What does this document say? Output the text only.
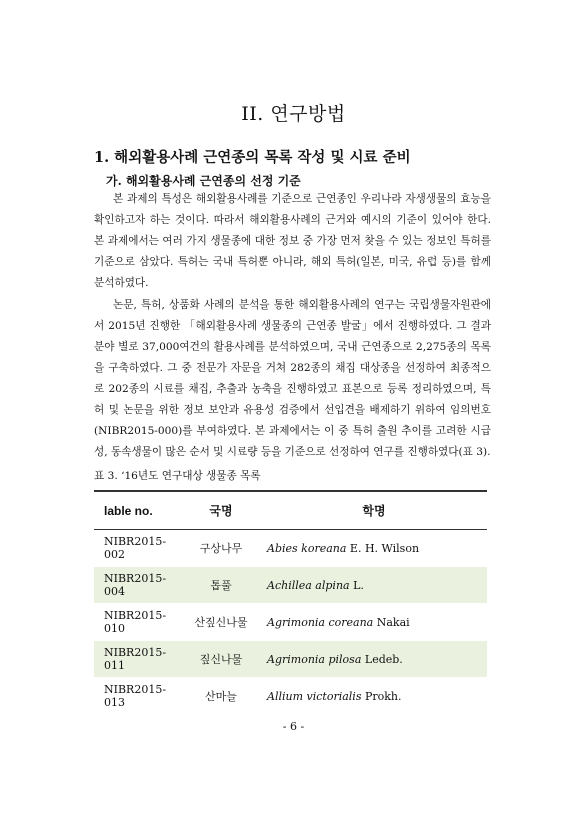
II. 연구방법
1. 해외활용사례 근연종의 목록 작성 및 시료 준비
가. 해외활용사례 근연종의 선정 기준

본 과제의 특성은 해외활용사례를 기준으로 근연종인 우리나라 자생생물의 효능을 확인하고자 하는 것이다. 따라서 해외활용사례의 근거와 예시의 기준이 있어야 한다. 본 과제에서는 여러 가지 생물종에 대한 정보 중 가장 먼저 찾을 수 있는 정보인 특허를 기준으로 삼았다. 특허는 국내 특허뿐 아니라, 해외 특허(일본, 미국, 유럽 등)를 함께 분석하였다.

논문, 특허, 상품화 사례의 분석을 통한 해외활용사례의 연구는 국립생물자원관에서 2015년 진행한 「해외활용사례 생물종의 근연종 발굴」에서 진행하였다. 그 결과 분야 별로 37,000여건의 활용사례를 분석하였으며, 국내 근연종으로 2,275종의 목록을 구축하였다. 그 중 전문가 자문을 거쳐 282종의 채집 대상종을 선정하여 최종적으로 202종의 시료를 채집, 추출과 농축을 진행하였고 표본으로 등록 정리하였으며, 특허 및 논문을 위한 정보 보안과 유용성 검증에서 선입견을 배제하기 위하여 임의번호(NIBR2015-000)를 부여하였다. 본 과제에서는 이 중 특허 출원 추이를 고려한 시급성, 동속생물이 많은 순서 및 시료량 등을 기준으로 선정하여 연구를 진행하였다(표 3).

표 3. ‘16년도 연구대상 생물종 목록
lable no.	국명	학명
NIBR2015-002	구상나무	Abies koreana E. H. Wilson
NIBR2015-004	톱풀	Achillea alpina L.
NIBR2015-010	산짚신나물	Agrimonia coreana Nakai
NIBR2015-011	짚신나물	Agrimonia pilosa Ledeb.
NIBR2015-013	산마늘	Allium victorialis Prokh.
- 6 -
